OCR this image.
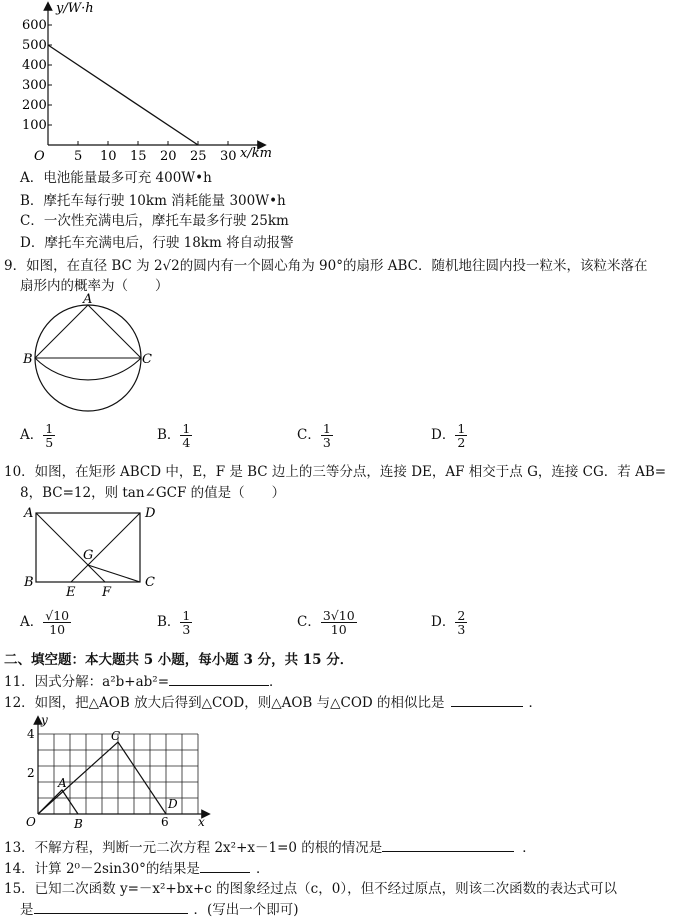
600
500
400
300
200
100
5 10 15 20 25 30
y/W·h
x/km
O
A．电池能量最多可充 400W•h
B．摩托车每行驶 10km 消耗能量 300W•h
C．一次性充满电后，摩托车最多行驶 25km
D．摩托车充满电后，行驶 18km 将自动报警
9．如图，在直径 BC 为 2√2的圆内有一个圆心角为 90°的扇形 ABC．随机地往圆内投一粒米，该粒米落在
扇形内的概率为（　　）
A
B	C
A． $\frac{1}{5}$	B． $\frac{1}{4}$	C． $\frac{1}{3}$	D． $\frac{1}{2}$
10．如图，在矩形 ABCD 中，E，F 是 BC 边上的三等分点，连接 DE，AF 相交于点 G，连接 CG．若 AB=
8，BC=12，则 tan∠GCF 的值是（　　）
A	D
B	C
E F
G
A． $\frac{√10}{10}$	B． $\frac{1}{3}$	C． $\frac{3√10}{10}$	D． $\frac{2}{3}$
二、填空题：本大题共 5 小题，每小题 3 分，共 15 分．
11．因式分解：a²b+ab²=	．
12．如图，把△AOB 放大后得到△COD，则△AOB 与△COD 的相似比是	．
y
x
O
4
2
6
A
B
C
D
13．不解方程，判断一元二次方程 2x²+x－1=0 的根的情况是	．
14．计算 2⁰－2sin30°的结果是	．
15．已知二次函数 y=－x²+bx+c 的图象经过点（c，0），但不经过原点，则该二次函数的表达式可以
是	．(写出一个即可)
